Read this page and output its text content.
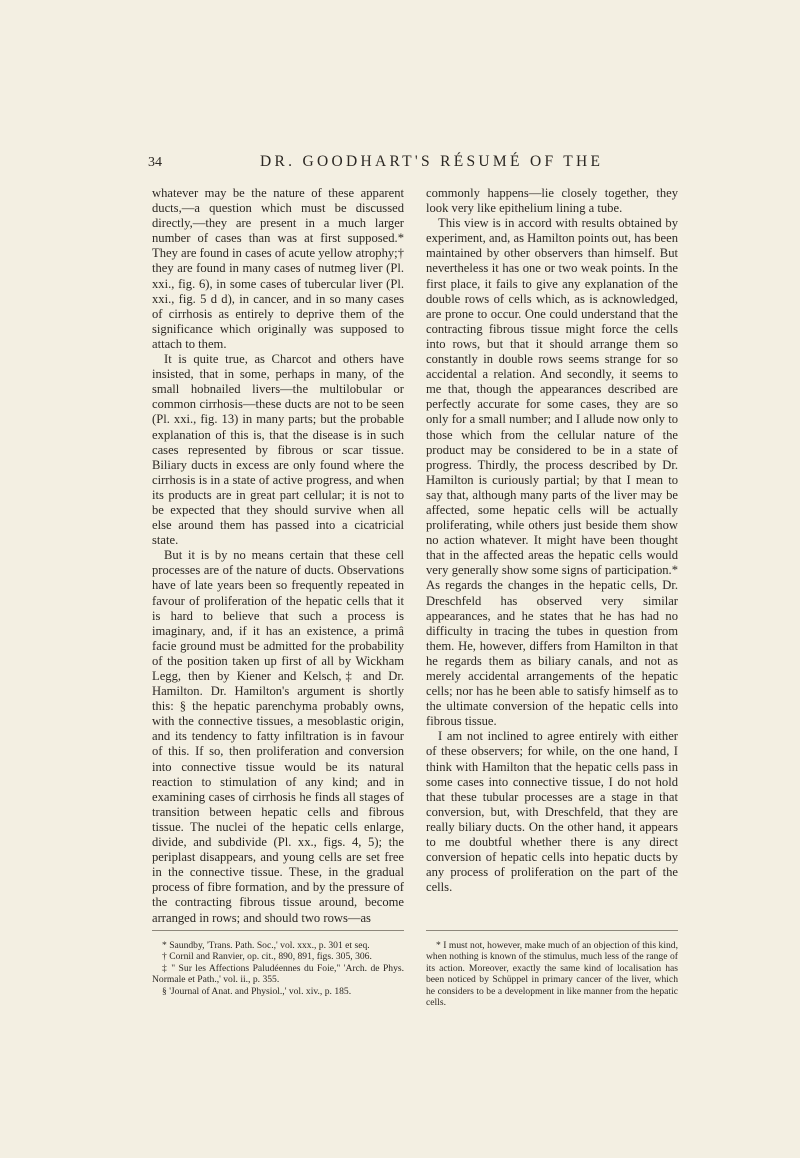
34	DR. GOODHART'S RÉSUMÉ OF THE

whatever may be the nature of these apparent ducts,—a question which must be discussed directly,—they are present in a much larger number of cases than was at first supposed.* They are found in cases of acute yellow atrophy;† they are found in many cases of nutmeg liver (Pl. xxi., fig. 6), in some cases of tubercular liver (Pl. xxi., fig. 5 d d), in cancer, and in so many cases of cirrhosis as entirely to deprive them of the significance which originally was supposed to attach to them.

It is quite true, as Charcot and others have insisted, that in some, perhaps in many, of the small hobnailed livers—the multilobular or common cirrhosis—these ducts are not to be seen (Pl. xxi., fig. 13) in many parts; but the probable explanation of this is, that the disease is in such cases represented by fibrous or scar tissue. Biliary ducts in excess are only found where the cirrhosis is in a state of active progress, and when its products are in great part cellular; it is not to be expected that they should survive when all else around them has passed into a cicatricial state.

But it is by no means certain that these cell processes are of the nature of ducts. Observations have of late years been so frequently repeated in favour of proliferation of the hepatic cells that it is hard to believe that such a process is imaginary, and, if it has an existence, a primâ facie ground must be admitted for the probability of the position taken up first of all by Wickham Legg, then by Kiener and Kelsch,‡ and Dr. Hamilton. Dr. Hamilton's argument is shortly this: § the hepatic parenchyma probably owns, with the connective tissues, a mesoblastic origin, and its tendency to fatty infiltration is in favour of this. If so, then proliferation and conversion into connective tissue would be its natural reaction to stimulation of any kind; and in examining cases of cirrhosis he finds all stages of transition between hepatic cells and fibrous tissue. The nuclei of the hepatic cells enlarge, divide, and subdivide (Pl. xx., figs. 4, 5); the periplast disappears, and young cells are set free in the connective tissue. These, in the gradual process of fibre formation, and by the pressure of the contracting fibrous tissue around, become arranged in rows; and should two rows—as

commonly happens—lie closely together, they look very like epithelium lining a tube.

This view is in accord with results obtained by experiment, and, as Hamilton points out, has been maintained by other observers than himself. But nevertheless it has one or two weak points. In the first place, it fails to give any explanation of the double rows of cells which, as is acknowledged, are prone to occur. One could understand that the contracting fibrous tissue might force the cells into rows, but that it should arrange them so constantly in double rows seems strange for so accidental a relation. And secondly, it seems to me that, though the appearances described are perfectly accurate for some cases, they are so only for a small number; and I allude now only to those which from the cellular nature of the product may be considered to be in a state of progress. Thirdly, the process described by Dr. Hamilton is curiously partial; by that I mean to say that, although many parts of the liver may be affected, some hepatic cells will be actually proliferating, while others just beside them show no action whatever. It might have been thought that in the affected areas the hepatic cells would very generally show some signs of participation.* As regards the changes in the hepatic cells, Dr. Dreschfeld has observed very similar appearances, and he states that he has had no difficulty in tracing the tubes in question from them. He, however, differs from Hamilton in that he regards them as biliary canals, and not as merely accidental arrangements of the hepatic cells; nor has he been able to satisfy himself as to the ultimate conversion of the hepatic cells into fibrous tissue.

I am not inclined to agree entirely with either of these observers; for while, on the one hand, I think with Hamilton that the hepatic cells pass in some cases into connective tissue, I do not hold that these tubular processes are a stage in that conversion, but, with Dreschfeld, that they are really biliary ducts. On the other hand, it appears to me doubtful whether there is any direct conversion of hepatic cells into hepatic ducts by any process of proliferation on the part of the cells.

* Saundby, 'Trans. Path. Soc.,' vol. xxx., p. 301 et seq.

† Cornil and Ranvier, op. cit., 890, 891, figs. 305, 306.

‡ " Sur les Affections Paludéennes du Foie," 'Arch. de Phys. Normale et Path.,' vol. ii., p. 355.

§ 'Journal of Anat. and Physiol.,' vol. xiv., p. 185.

* I must not, however, make much of an objection of this kind, when nothing is known of the stimulus, much less of the range of its action. Moreover, exactly the same kind of localisation has been noticed by Schüppel in primary cancer of the liver, which he considers to be a development in like manner from the hepatic cells.
